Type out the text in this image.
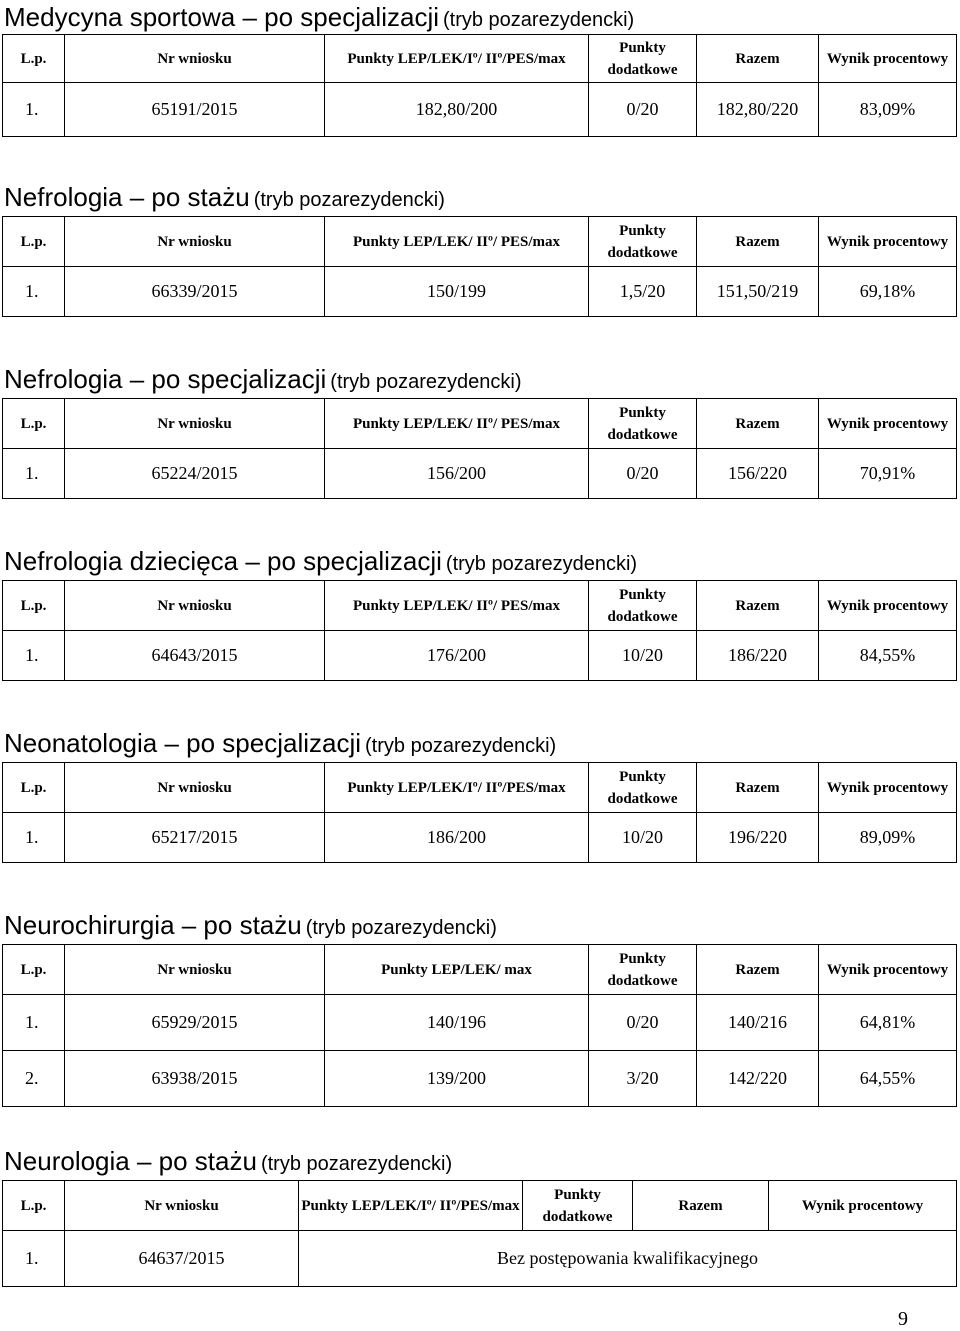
Medycyna sportowa – po specjalizacji (tryb pozarezydencki)
L.p.	Nr wniosku	Punkty LEP/LEK/Iº/ IIº/PES/max	Punkty dodatkowe	Razem	Wynik procentowy
1.	65191/2015	182,80/200	0/20	182,80/220	83,09%
Nefrologia – po stażu (tryb pozarezydencki)
L.p.	Nr wniosku	Punkty LEP/LEK/ IIº/ PES/max	Punkty dodatkowe	Razem	Wynik procentowy
1.	66339/2015	150/199	1,5/20	151,50/219	69,18%
Nefrologia – po specjalizacji (tryb pozarezydencki)
L.p.	Nr wniosku	Punkty LEP/LEK/ IIº/ PES/max	Punkty dodatkowe	Razem	Wynik procentowy
1.	65224/2015	156/200	0/20	156/220	70,91%
Nefrologia dziecięca – po specjalizacji (tryb pozarezydencki)
L.p.	Nr wniosku	Punkty LEP/LEK/ IIº/ PES/max	Punkty dodatkowe	Razem	Wynik procentowy
1.	64643/2015	176/200	10/20	186/220	84,55%
Neonatologia – po specjalizacji (tryb pozarezydencki)
L.p.	Nr wniosku	Punkty LEP/LEK/Iº/ IIº/PES/max	Punkty dodatkowe	Razem	Wynik procentowy
1.	65217/2015	186/200	10/20	196/220	89,09%
Neurochirurgia – po stażu (tryb pozarezydencki)
L.p.	Nr wniosku	Punkty LEP/LEK/ max	Punkty dodatkowe	Razem	Wynik procentowy
1.	65929/2015	140/196	0/20	140/216	64,81%
2.	63938/2015	139/200	3/20	142/220	64,55%
Neurologia – po stażu (tryb pozarezydencki)
L.p.	Nr wniosku	Punkty LEP/LEK/Iº/ IIº/PES/max	Punkty dodatkowe	Razem	Wynik procentowy
1.	64637/2015	Bez postępowania kwalifikacyjnego			
9
